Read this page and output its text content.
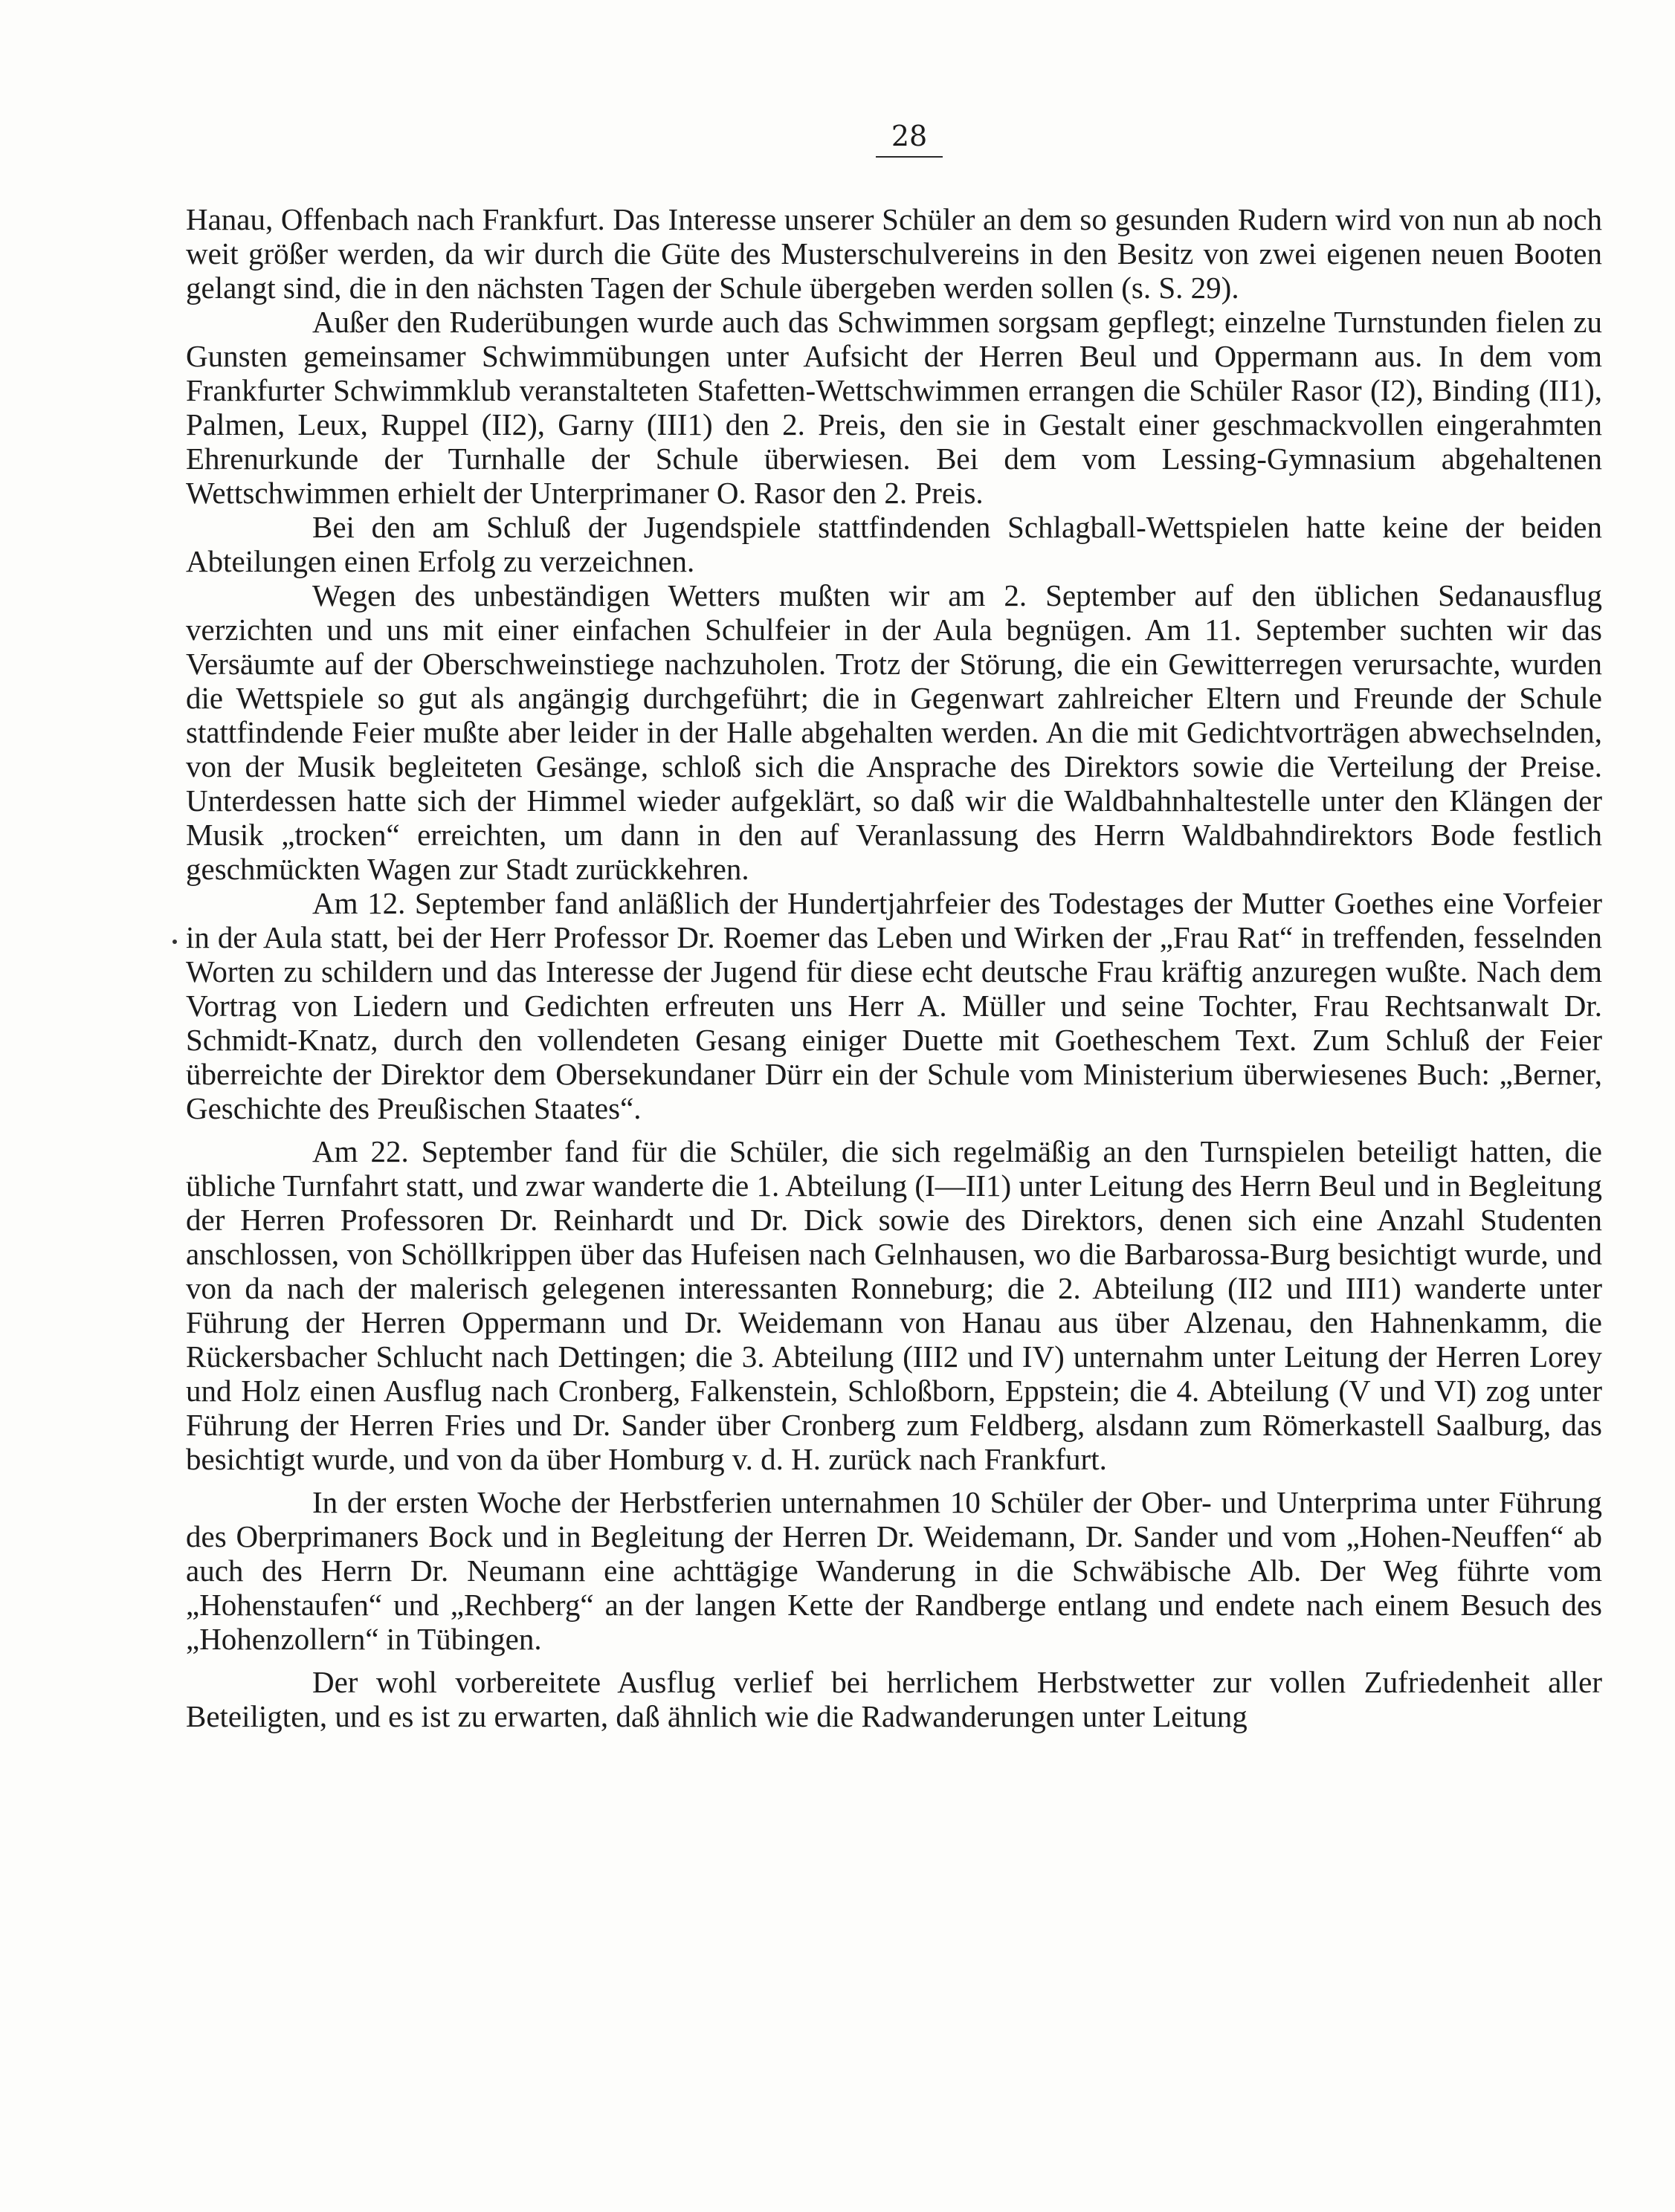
28

Hanau, Offenbach nach Frankfurt. Das Interesse unserer Schüler an dem so gesunden Rudern wird von nun ab noch weit größer werden, da wir durch die Güte des Musterschulvereins in den Besitz von zwei eigenen neuen Booten gelangt sind, die in den nächsten Tagen der Schule übergeben werden sollen (s. S. 29).

Außer den Ruderübungen wurde auch das Schwimmen sorgsam gepflegt; einzelne Turnstunden fielen zu Gunsten gemeinsamer Schwimmübungen unter Aufsicht der Herren Beul und Oppermann aus. In dem vom Frankfurter Schwimmklub veranstalteten Stafetten-Wettschwimmen errangen die Schüler Rasor (I2), Binding (II1), Palmen, Leux, Ruppel (II2), Garny (III1) den 2. Preis, den sie in Gestalt einer geschmackvollen eingerahmten Ehrenurkunde der Turnhalle der Schule überwiesen. Bei dem vom Lessing-Gymnasium abgehaltenen Wettschwimmen erhielt der Unterprimaner O. Rasor den 2. Preis.

Bei den am Schluß der Jugendspiele stattfindenden Schlagball-Wettspielen hatte keine der beiden Abteilungen einen Erfolg zu verzeichnen.

Wegen des unbeständigen Wetters mußten wir am 2. September auf den üblichen Sedanausflug verzichten und uns mit einer einfachen Schulfeier in der Aula begnügen. Am 11. September suchten wir das Versäumte auf der Oberschweinstiege nachzuholen. Trotz der Störung, die ein Gewitterregen verursachte, wurden die Wettspiele so gut als angängig durchgeführt; die in Gegenwart zahlreicher Eltern und Freunde der Schule stattfindende Feier mußte aber leider in der Halle abgehalten werden. An die mit Gedichtvorträgen abwechselnden, von der Musik begleiteten Gesänge, schloß sich die Ansprache des Direktors sowie die Verteilung der Preise. Unterdessen hatte sich der Himmel wieder aufgeklärt, so daß wir die Waldbahnhaltestelle unter den Klängen der Musik „trocken“ erreichten, um dann in den auf Veranlassung des Herrn Waldbahndirektors Bode festlich geschmückten Wagen zur Stadt zurückkehren.

Am 12. September fand anläßlich der Hundertjahrfeier des Todestages der Mutter Goethes eine Vorfeier in der Aula statt, bei der Herr Professor Dr. Roemer das Leben und Wirken der „Frau Rat“ in treffenden, fesselnden Worten zu schildern und das Interesse der Jugend für diese echt deutsche Frau kräftig anzuregen wußte. Nach dem Vortrag von Liedern und Gedichten erfreuten uns Herr A. Müller und seine Tochter, Frau Rechtsanwalt Dr. Schmidt-Knatz, durch den vollendeten Gesang einiger Duette mit Goetheschem Text. Zum Schluß der Feier überreichte der Direktor dem Obersekundaner Dürr ein der Schule vom Ministerium überwiesenes Buch: „Berner, Geschichte des Preußischen Staates“.

Am 22. September fand für die Schüler, die sich regelmäßig an den Turnspielen beteiligt hatten, die übliche Turnfahrt statt, und zwar wanderte die 1. Abteilung (I—II1) unter Leitung des Herrn Beul und in Begleitung der Herren Professoren Dr. Reinhardt und Dr. Dick sowie des Direktors, denen sich eine Anzahl Studenten anschlossen, von Schöllkrippen über das Hufeisen nach Gelnhausen, wo die Barbarossa-Burg besichtigt wurde, und von da nach der malerisch gelegenen interessanten Ronneburg; die 2. Abteilung (II2 und III1) wanderte unter Führung der Herren Oppermann und Dr. Weidemann von Hanau aus über Alzenau, den Hahnenkamm, die Rückersbacher Schlucht nach Dettingen; die 3. Abteilung (III2 und IV) unternahm unter Leitung der Herren Lorey und Holz einen Ausflug nach Cronberg, Falkenstein, Schloßborn, Eppstein; die 4. Abteilung (V und VI) zog unter Führung der Herren Fries und Dr. Sander über Cronberg zum Feldberg, alsdann zum Römerkastell Saalburg, das besichtigt wurde, und von da über Homburg v. d. H. zurück nach Frankfurt.

In der ersten Woche der Herbstferien unternahmen 10 Schüler der Ober- und Unterprima unter Führung des Oberprimaners Bock und in Begleitung der Herren Dr. Weidemann, Dr. Sander und vom „Hohen-Neuffen“ ab auch des Herrn Dr. Neumann eine achttägige Wanderung in die Schwäbische Alb. Der Weg führte vom „Hohenstaufen“ und „Rechberg“ an der langen Kette der Randberge entlang und endete nach einem Besuch des „Hohenzollern“ in Tübingen.

Der wohl vorbereitete Ausflug verlief bei herrlichem Herbstwetter zur vollen Zufriedenheit aller Beteiligten, und es ist zu erwarten, daß ähnlich wie die Radwanderungen unter Leitung
